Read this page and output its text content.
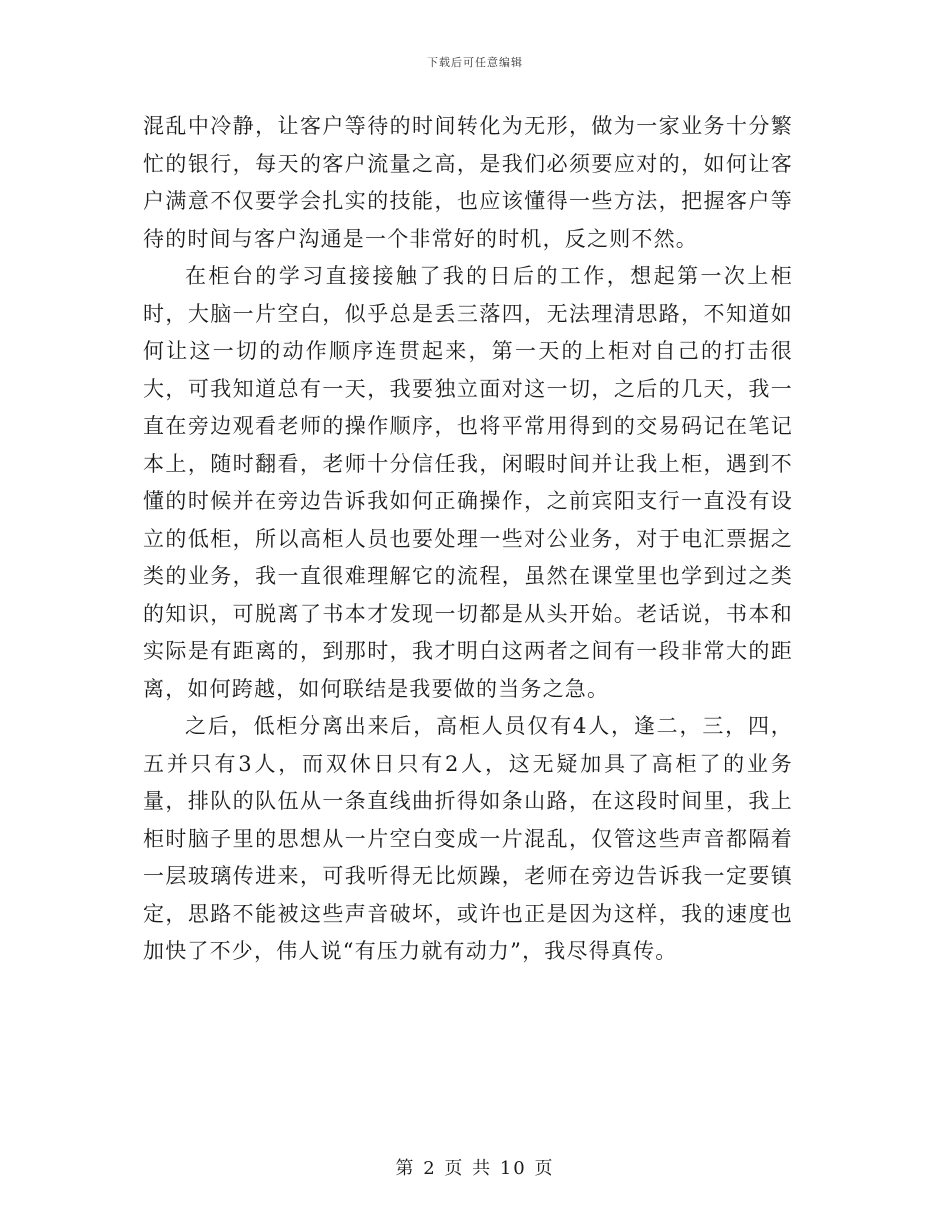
下载后可任意编辑

混乱中冷静，让客户等待的时间转化为无形，做为一家业务十分繁忙的银行，每天的客户流量之高，是我们必须要应对的，如何让客户满意不仅要学会扎实的技能，也应该懂得一些方法，把握客户等待的时间与客户沟通是一个非常好的时机，反之则不然。

在柜台的学习直接接触了我的日后的工作，想起第一次上柜时，大脑一片空白，似乎总是丢三落四，无法理清思路，不知道如何让这一切的动作顺序连贯起来，第一天的上柜对自己的打击很大，可我知道总有一天，我要独立面对这一切，之后的几天，我一直在旁边观看老师的操作顺序，也将平常用得到的交易码记在笔记本上，随时翻看，老师十分信任我，闲暇时间并让我上柜，遇到不懂的时候并在旁边告诉我如何正确操作，之前宾阳支行一直没有设立的低柜，所以高柜人员也要处理一些对公业务，对于电汇票据之类的业务，我一直很难理解它的流程，虽然在课堂里也学到过之类的知识，可脱离了书本才发现一切都是从头开始。老话说，书本和实际是有距离的，到那时，我才明白这两者之间有一段非常大的距离，如何跨越，如何联结是我要做的当务之急。

之后，低柜分离出来后，高柜人员仅有4人，逢二，三，四，五并只有3人，而双休日只有2人，这无疑加具了高柜了的业务量，排队的队伍从一条直线曲折得如条山路，在这段时间里，我上柜时脑子里的思想从一片空白变成一片混乱，仅管这些声音都隔着一层玻璃传进来，可我听得无比烦躁，老师在旁边告诉我一定要镇定，思路不能被这些声音破坏，或许也正是因为这样，我的速度也加快了不少，伟人说“有压力就有动力”，我尽得真传。

第 2 页 共 10 页
